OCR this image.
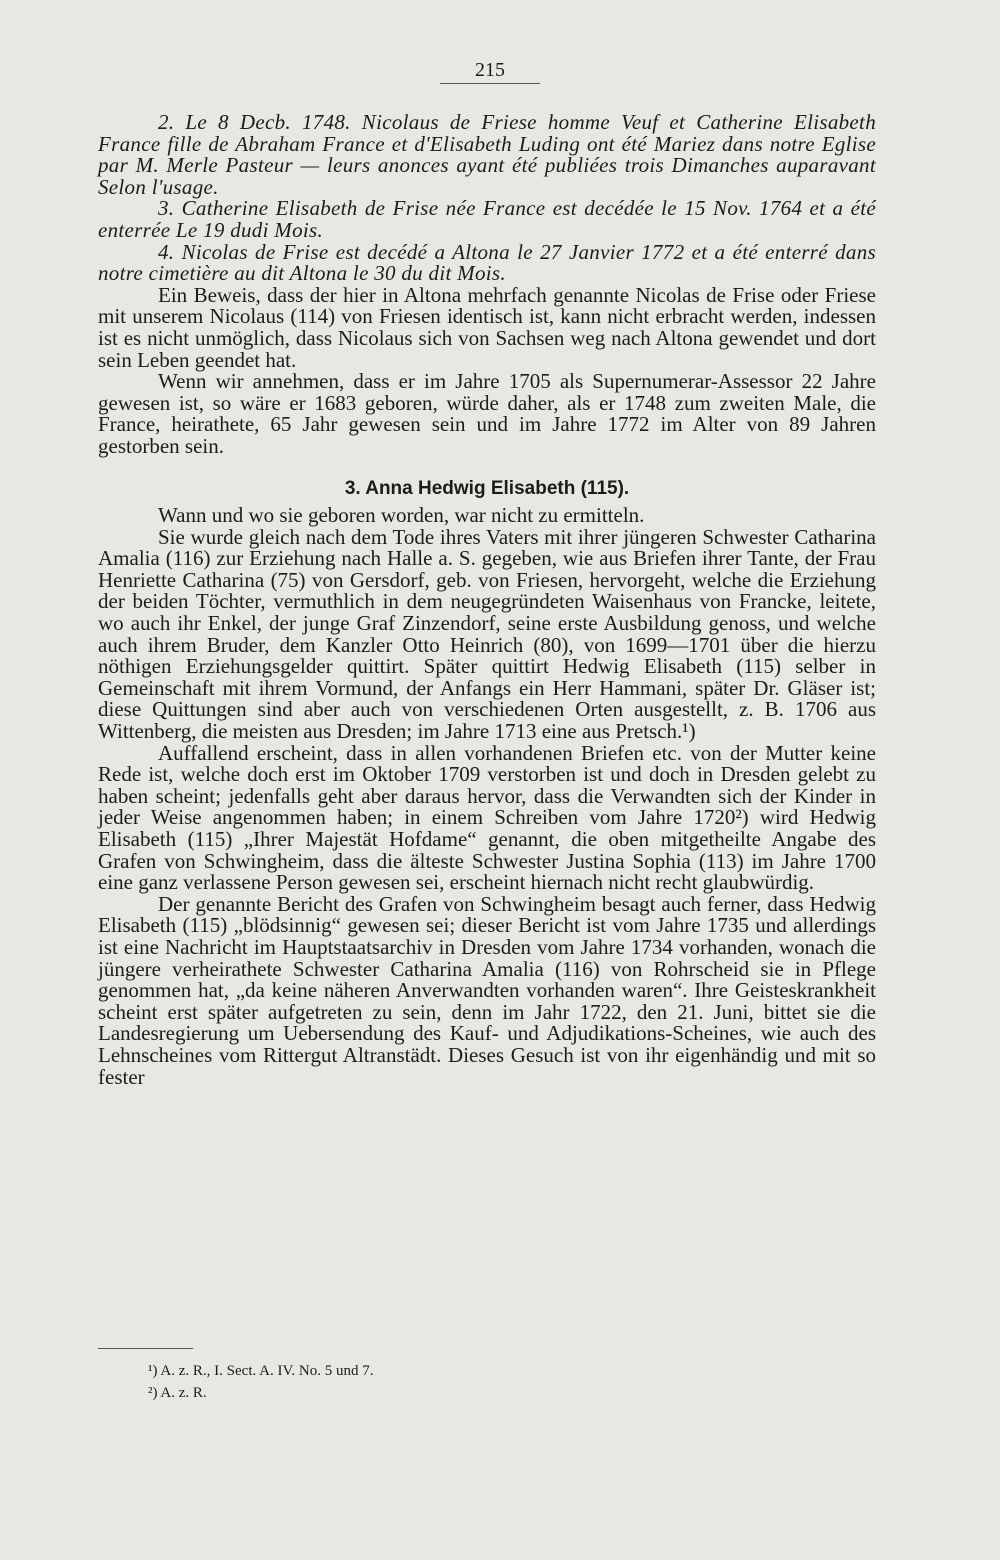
215

2. Le 8 Decb. 1748. Nicolaus de Friese homme Veuf et Catherine Elisabeth France fille de Abraham France et d'Elisabeth Luding ont été Mariez dans notre Eglise par M. Merle Pasteur — leurs anonces ayant été publiées trois Dimanches auparavant Selon l'usage.

3. Catherine Elisabeth de Frise née France est decédée le 15 Nov. 1764 et a été enterrée Le 19 dudi Mois.

4. Nicolas de Frise est decédé a Altona le 27 Janvier 1772 et a été enterré dans notre cimetière au dit Altona le 30 du dit Mois.

Ein Beweis, dass der hier in Altona mehrfach genannte Nicolas de Frise oder Friese mit unserem Nicolaus (114) von Friesen identisch ist, kann nicht erbracht werden, indessen ist es nicht unmöglich, dass Nicolaus sich von Sachsen weg nach Altona gewendet und dort sein Leben geendet hat.

Wenn wir annehmen, dass er im Jahre 1705 als Supernumerar-Assessor 22 Jahre gewesen ist, so wäre er 1683 geboren, würde daher, als er 1748 zum zweiten Male, die France, heirathete, 65 Jahr gewesen sein und im Jahre 1772 im Alter von 89 Jahren gestorben sein.

3. Anna Hedwig Elisabeth (115).

Wann und wo sie geboren worden, war nicht zu ermitteln.

Sie wurde gleich nach dem Tode ihres Vaters mit ihrer jüngeren Schwester Catharina Amalia (116) zur Erziehung nach Halle a. S. gegeben, wie aus Briefen ihrer Tante, der Frau Henriette Catharina (75) von Gersdorf, geb. von Friesen, hervorgeht, welche die Erziehung der beiden Töchter, vermuthlich in dem neugegründeten Waisenhaus von Francke, leitete, wo auch ihr Enkel, der junge Graf Zinzendorf, seine erste Ausbildung genoss, und welche auch ihrem Bruder, dem Kanzler Otto Heinrich (80), von 1699—1701 über die hierzu nöthigen Erziehungsgelder quittirt. Später quittirt Hedwig Elisabeth (115) selber in Gemeinschaft mit ihrem Vormund, der Anfangs ein Herr Hammani, später Dr. Gläser ist; diese Quittungen sind aber auch von verschiedenen Orten ausgestellt, z. B. 1706 aus Wittenberg, die meisten aus Dresden; im Jahre 1713 eine aus Pretsch.¹)

Auffallend erscheint, dass in allen vorhandenen Briefen etc. von der Mutter keine Rede ist, welche doch erst im Oktober 1709 verstorben ist und doch in Dresden gelebt zu haben scheint; jedenfalls geht aber daraus hervor, dass die Verwandten sich der Kinder in jeder Weise angenommen haben; in einem Schreiben vom Jahre 1720²) wird Hedwig Elisabeth (115) „Ihrer Majestät Hofdame“ genannt, die oben mitgetheilte Angabe des Grafen von Schwingheim, dass die älteste Schwester Justina Sophia (113) im Jahre 1700 eine ganz verlassene Person gewesen sei, erscheint hiernach nicht recht glaubwürdig.

Der genannte Bericht des Grafen von Schwingheim besagt auch ferner, dass Hedwig Elisabeth (115) „blödsinnig“ gewesen sei; dieser Bericht ist vom Jahre 1735 und allerdings ist eine Nachricht im Hauptstaatsarchiv in Dresden vom Jahre 1734 vorhanden, wonach die jüngere verheirathete Schwester Catharina Amalia (116) von Rohrscheid sie in Pflege genommen hat, „da keine näheren Anverwandten vorhanden waren“. Ihre Geisteskrankheit scheint erst später aufgetreten zu sein, denn im Jahr 1722, den 21. Juni, bittet sie die Landesregierung um Uebersendung des Kauf- und Adjudikations-Scheines, wie auch des Lehnscheines vom Rittergut Altranstädt. Dieses Gesuch ist von ihr eigenhändig und mit so fester

¹) A. z. R., I. Sect. A. IV. No. 5 und 7.
²) A. z. R.
